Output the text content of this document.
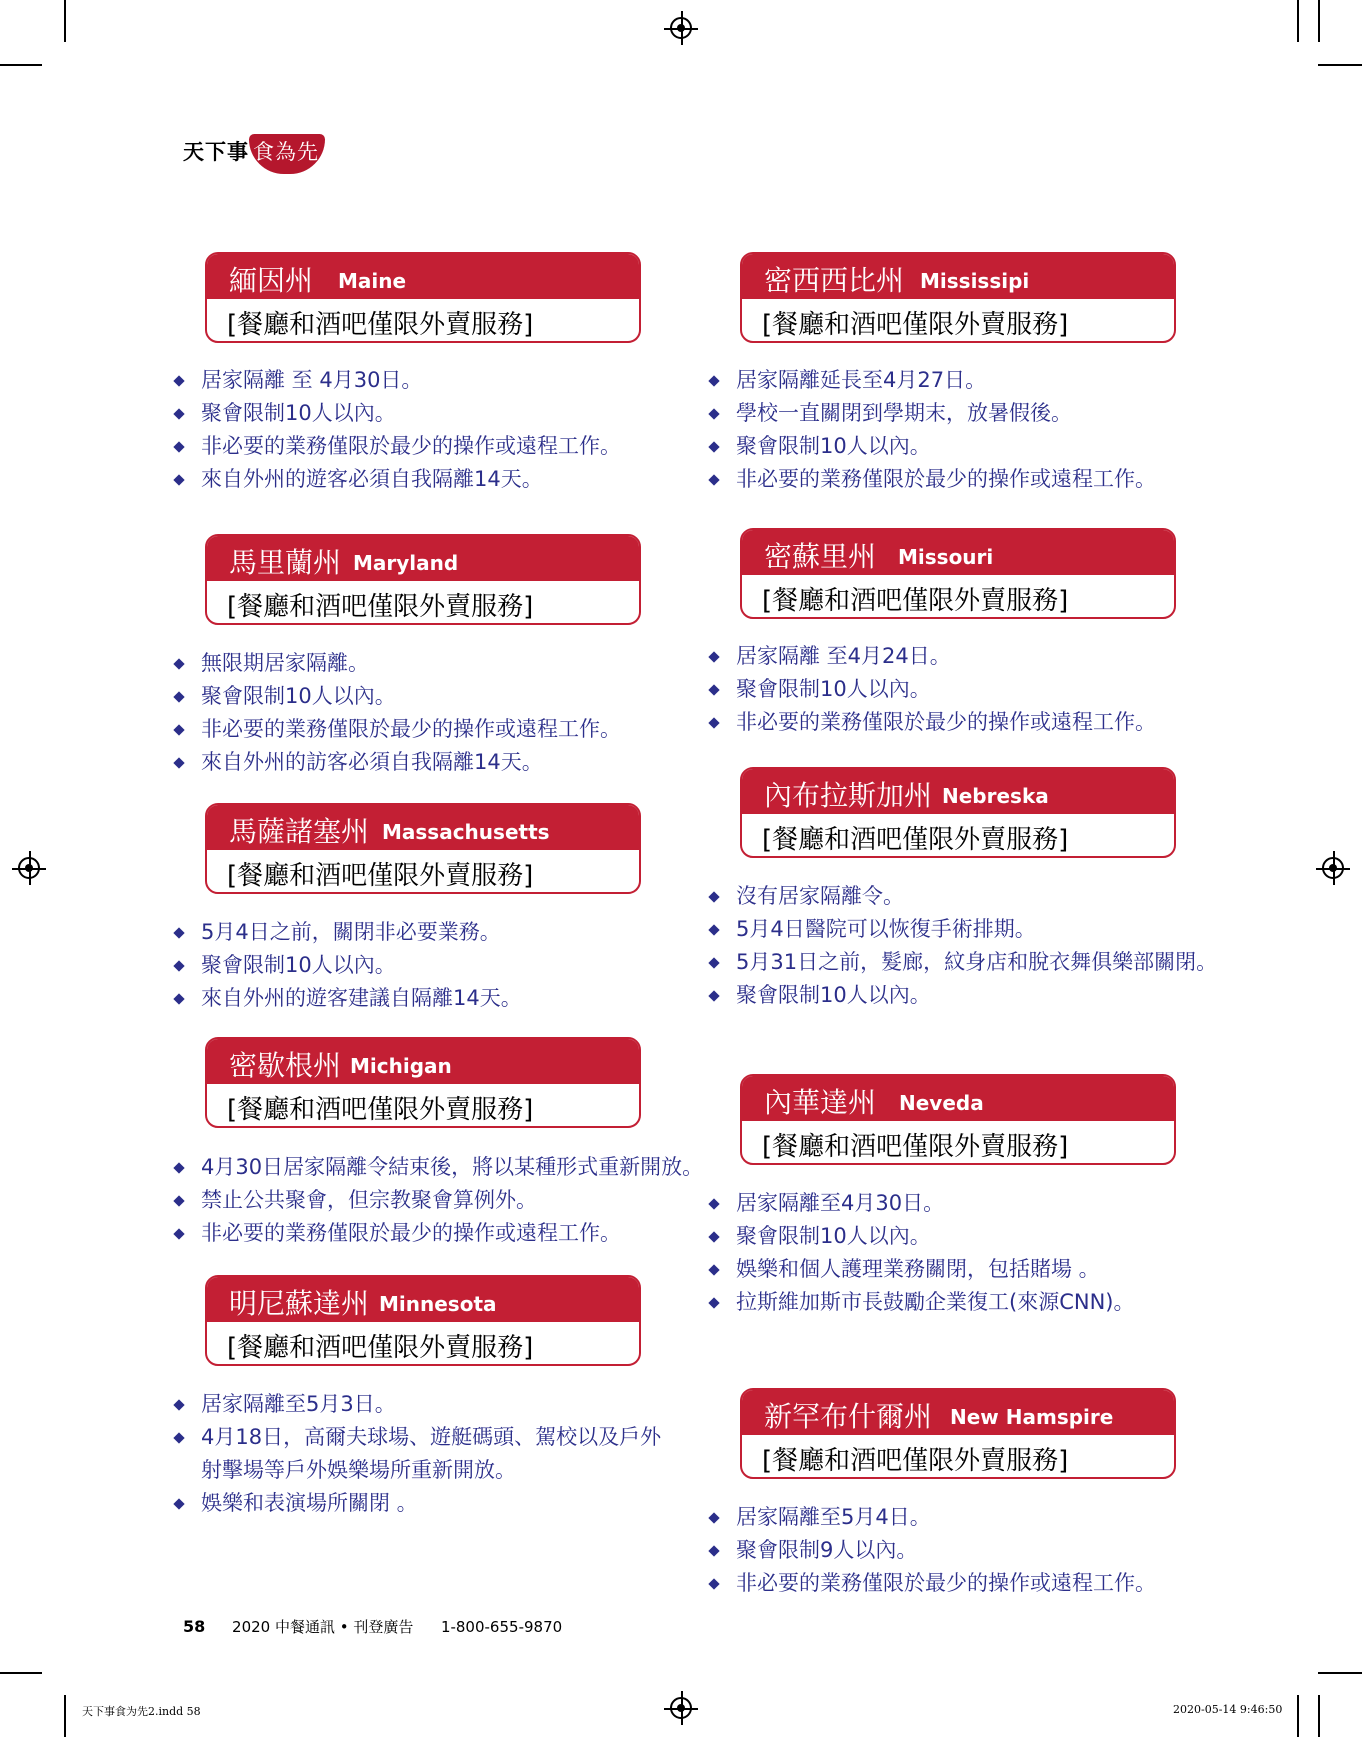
天下事 食為先
緬因州 Maine
[餐廳和酒吧僅限外賣服務]
居家隔離 至 4月30日。
聚會限制10人以內。
非必要的業務僅限於最少的操作或遠程工作。
來自外州的遊客必須自我隔離14天。
馬里蘭州 Maryland
[餐廳和酒吧僅限外賣服務]
無限期居家隔離。
聚會限制10人以內。
非必要的業務僅限於最少的操作或遠程工作。
來自外州的訪客必須自我隔離14天。
馬薩諸塞州 Massachusetts
[餐廳和酒吧僅限外賣服務]
5月4日之前，關閉非必要業務。
聚會限制10人以內。
來自外州的遊客建議自隔離14天。
密歇根州 Michigan
[餐廳和酒吧僅限外賣服務]
4月30日居家隔離令結束後，將以某種形式重新開放。
禁止公共聚會，但宗教聚會算例外。
非必要的業務僅限於最少的操作或遠程工作。
明尼蘇達州 Minnesota
[餐廳和酒吧僅限外賣服務]
居家隔離至5月3日。
4月18日，高爾夫球場、遊艇碼頭、駕校以及戶外射擊場等戶外娛樂場所重新開放。
娛樂和表演場所關閉 。
密西西比州 Mississipi
[餐廳和酒吧僅限外賣服務]
居家隔離延長至4月27日。
學校一直關閉到學期末，放暑假後。
聚會限制10人以內。
非必要的業務僅限於最少的操作或遠程工作。
密蘇里州 Missouri
[餐廳和酒吧僅限外賣服務]
居家隔離 至4月24日。
聚會限制10人以內。
非必要的業務僅限於最少的操作或遠程工作。
內布拉斯加州 Nebreska
[餐廳和酒吧僅限外賣服務]
沒有居家隔離令。
5月4日醫院可以恢復手術排期。
5月31日之前，髮廊，紋身店和脫衣舞俱樂部關閉。
聚會限制10人以內。
內華達州 Neveda
[餐廳和酒吧僅限外賣服務]
居家隔離至4月30日。
聚會限制10人以內。
娛樂和個人護理業務關閉，包括賭場 。
拉斯維加斯市長鼓勵企業復工(來源CNN)。
新罕布什爾州 New Hamspire
[餐廳和酒吧僅限外賣服務]
居家隔離至5月4日。
聚會限制9人以內。
非必要的業務僅限於最少的操作或遠程工作。
58 2020 中餐通訊 • 刊登廣告 1-800-655-9870
天下事食为先2.indd 58	2020-05-14 9:46:50
